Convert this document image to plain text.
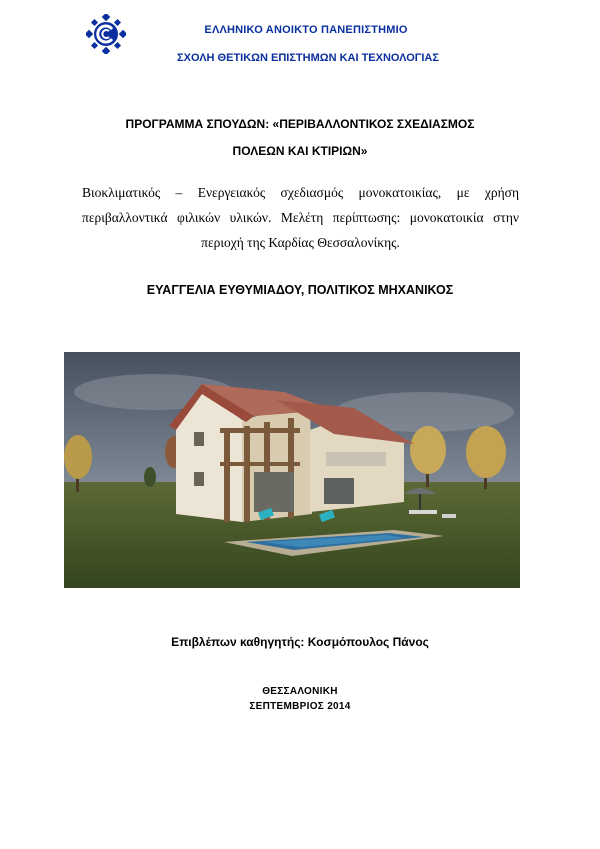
ΕΛΛΗΝΙΚΟ ΑΝΟΙΚΤΟ ΠΑΝΕΠΙΣΤΗΜΙΟ
ΣΧΟΛΗ ΘΕΤΙΚΩΝ ΕΠΙΣΤΗΜΩΝ ΚΑΙ ΤΕΧΝΟΛΟΓΙΑΣ
ΠΡΟΓΡΑΜΜΑ ΣΠΟΥΔΩΝ: «ΠΕΡΙΒΑΛΛΟΝΤΙΚΟΣ ΣΧΕΔΙΑΣΜΟΣ
ΠΟΛΕΩΝ ΚΑΙ ΚΤΙΡΙΩΝ»
Βιοκλιματικός – Ενεργειακός σχεδιασμός μονοκατοικίας, με χρήση περιβαλλοντικά φιλικών υλικών. Μελέτη περίπτωσης: μονοκατοικία στην περιοχή της Καρδίας Θεσσαλονίκης.
ΕΥΑΓΓΕΛΙΑ ΕΥΘΥΜΙΑΔΟΥ, ΠΟΛΙΤΙΚΟΣ ΜΗΧΑΝΙΚΟΣ
Επιβλέπων καθηγητής: Κοσμόπουλος Πάνος
ΘΕΣΣΑΛΟΝΙΚΗ
ΣΕΠΤΕΜΒΡΙΟΣ 2014
